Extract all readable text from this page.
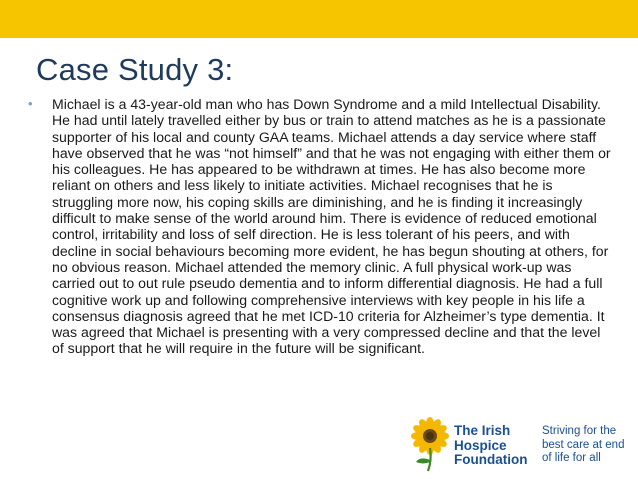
Case Study 3:
• Michael is a 43-year-old man who has Down Syndrome and a mild Intellectual Disability. He had until lately travelled either by bus or train to attend matches as he is a passionate supporter of his local and county GAA teams. Michael attends a day service where staff have observed that he was “not himself” and that he was not engaging with either them or his colleagues. He has appeared to be withdrawn at times. He has also become more reliant on others and less likely to initiate activities. Michael recognises that he is struggling more now, his coping skills are diminishing, and he is finding it increasingly difficult to make sense of the world around him. There is evidence of reduced emotional control, irritability and loss of self direction. He is less tolerant of his peers, and with decline in social behaviours becoming more evident, he has begun shouting at others, for no obvious reason. Michael attended the memory clinic. A full physical work-up was carried out to out rule pseudo dementia and to inform differential diagnosis. He had a full cognitive work up and following comprehensive interviews with key people in his life a consensus diagnosis agreed that he met ICD-10 criteria for Alzheimer’s type dementia. It was agreed that Michael is presenting with a very compressed decline and that the level of support that he will require in the future will be significant.
The Irish
Hospice
Foundation
Striving for the
best care at end
of life for all
